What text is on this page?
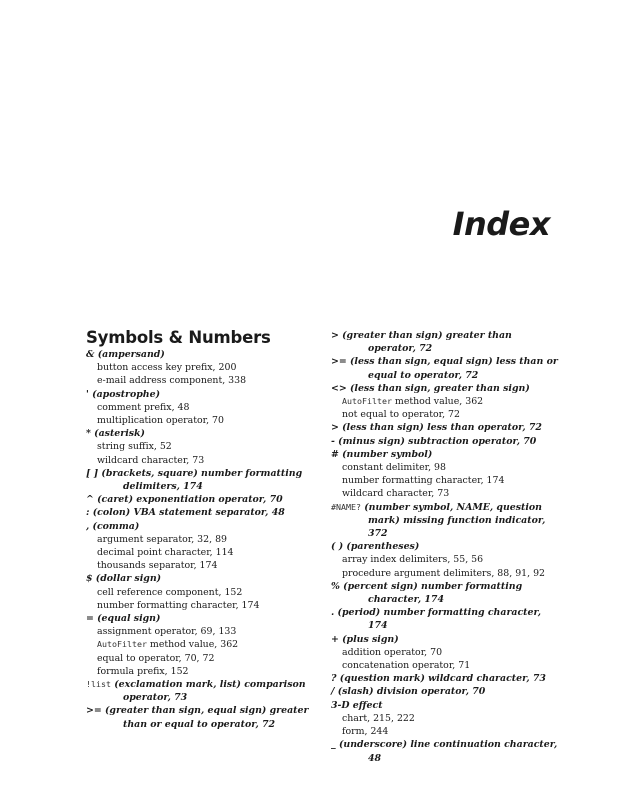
Index
Symbols & Numbers
& (ampersand)
button access key prefix, 200
e-mail address component, 338
' (apostrophe)
comment prefix, 48
multiplication operator, 70
* (asterisk)
string suffix, 52
wildcard character, 73
[ ] (brackets, square) number formatting delimiters, 174
^ (caret) exponentiation operator, 70
: (colon) VBA statement separator, 48
, (comma)
argument separator, 32, 89
decimal point character, 114
thousands separator, 174
$ (dollar sign)
cell reference component, 152
number formatting character, 174
= (equal sign)
assignment operator, 69, 133
AutoFilter method value, 362
equal to operator, 70, 72
formula prefix, 152
!list (exclamation mark, list) comparison operator, 73
>= (greater than sign, equal sign) greater than or equal to operator, 72
> (greater than sign) greater than operator, 72
>= (less than sign, equal sign) less than or equal to operator, 72
<> (less than sign, greater than sign)
AutoFilter method value, 362
not equal to operator, 72
> (less than sign) less than operator, 72
- (minus sign) subtraction operator, 70
# (number symbol)
constant delimiter, 98
number formatting character, 174
wildcard character, 73
#NAME? (number symbol, NAME, question mark) missing function indicator, 372
( ) (parentheses)
array index delimiters, 55, 56
procedure argument delimiters, 88, 91, 92
% (percent sign) number formatting character, 174
. (period) number formatting character, 174
+ (plus sign)
addition operator, 70
concatenation operator, 71
? (question mark) wildcard character, 73
/ (slash) division operator, 70
3-D effect
chart, 215, 222
form, 244
_ (underscore) line continuation character, 48
